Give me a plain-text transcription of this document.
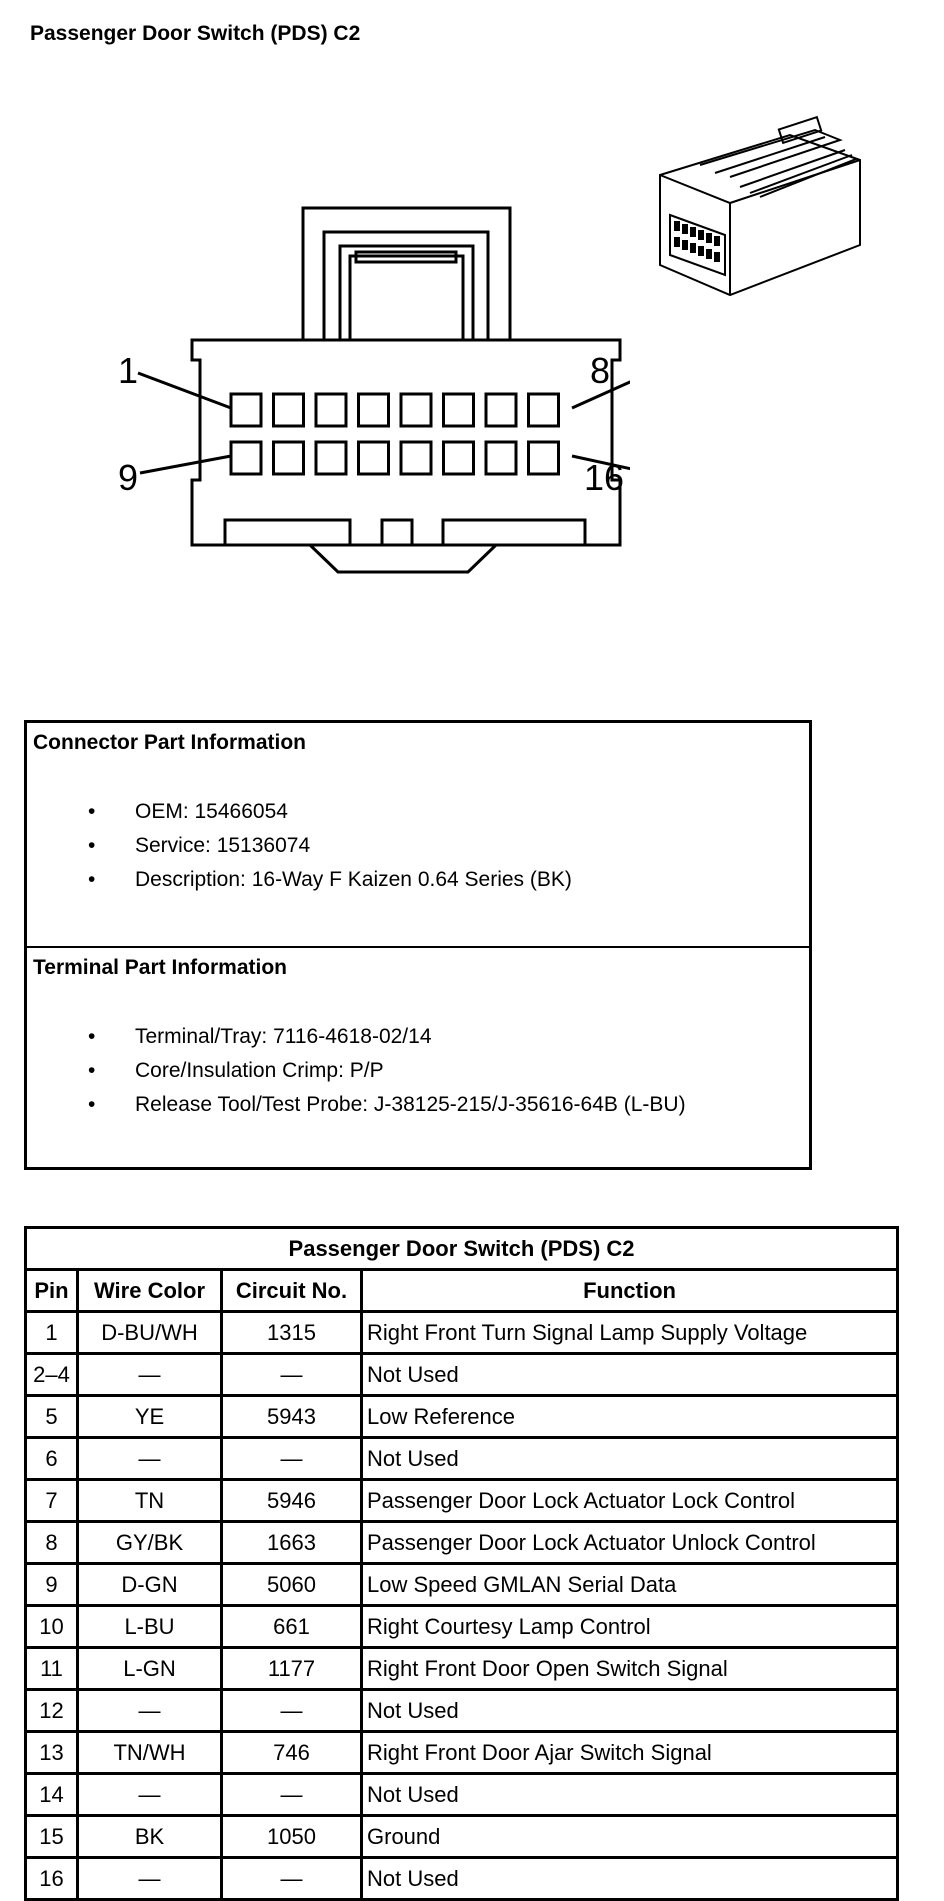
Passenger Door Switch (PDS) C2
1
9
8
16
Connector Part Information
• OEM: 15466054
• Service: 15136074
• Description: 16-Way F Kaizen 0.64 Series (BK)
Terminal Part Information
• Terminal/Tray: 7116-4618-02/14
• Core/Insulation Crimp: P/P
• Release Tool/Test Probe: J-38125-215/J-35616-64B (L-BU)
Passenger Door Switch (PDS) C2			
Pin	Wire Color	Circuit No.	Function
1	D-BU/WH	1315	Right Front Turn Signal Lamp Supply Voltage
2–4	—	—	Not Used
5	YE	5943	Low Reference
6	—	—	Not Used
7	TN	5946	Passenger Door Lock Actuator Lock Control
8	GY/BK	1663	Passenger Door Lock Actuator Unlock Control
9	D-GN	5060	Low Speed GMLAN Serial Data
10	L-BU	661	Right Courtesy Lamp Control
11	L-GN	1177	Right Front Door Open Switch Signal
12	—	—	Not Used
13	TN/WH	746	Right Front Door Ajar Switch Signal
14	—	—	Not Used
15	BK	1050	Ground
16	—	—	Not Used
